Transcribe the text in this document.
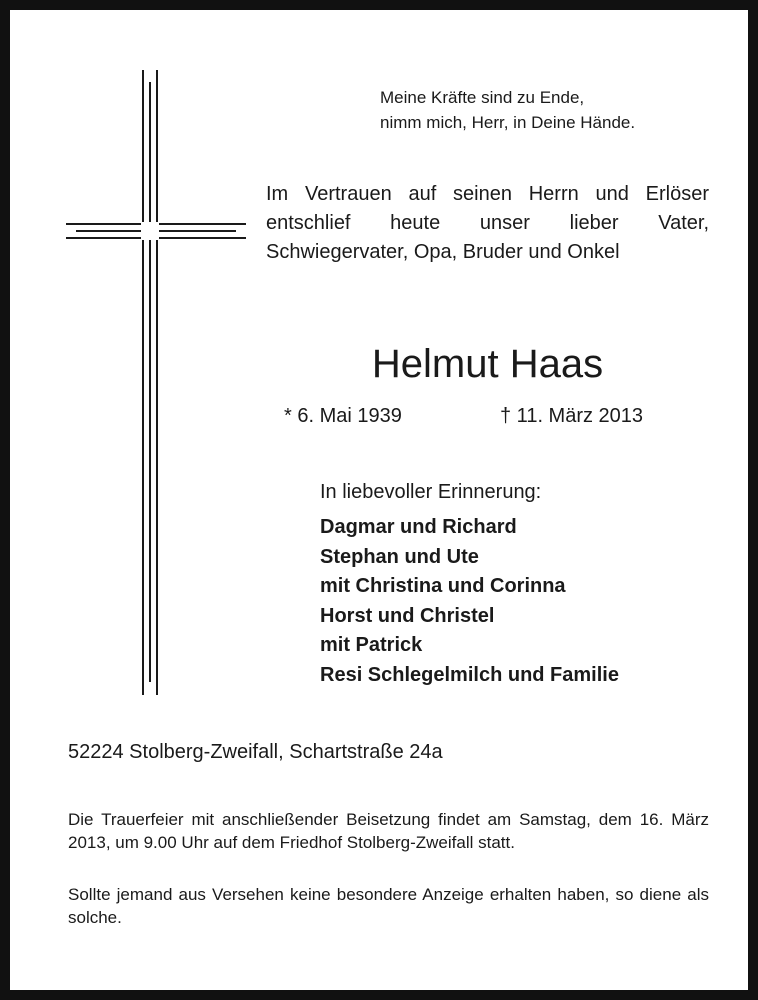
Meine Kräfte sind zu Ende,
nimm mich, Herr, in Deine Hände.
Im Vertrauen auf seinen Herrn und Erlöser entschlief heute unser lieber Vater, Schwiegervater, Opa, Bruder und Onkel
Helmut Haas
* 6. Mai 1939	† 11. März 2013
In liebevoller Erinnerung:
Dagmar und Richard
Stephan und Ute
mit Christina und Corinna
Horst und Christel
mit Patrick
Resi Schlegelmilch und Familie
52224 Stolberg-Zweifall, Schartstraße 24a
Die Trauerfeier mit anschließender Beisetzung findet am Samstag, dem 16. März 2013, um 9.00 Uhr auf dem Friedhof Stolberg-Zweifall statt.
Sollte jemand aus Versehen keine besondere Anzeige erhalten haben, so diene als solche.
